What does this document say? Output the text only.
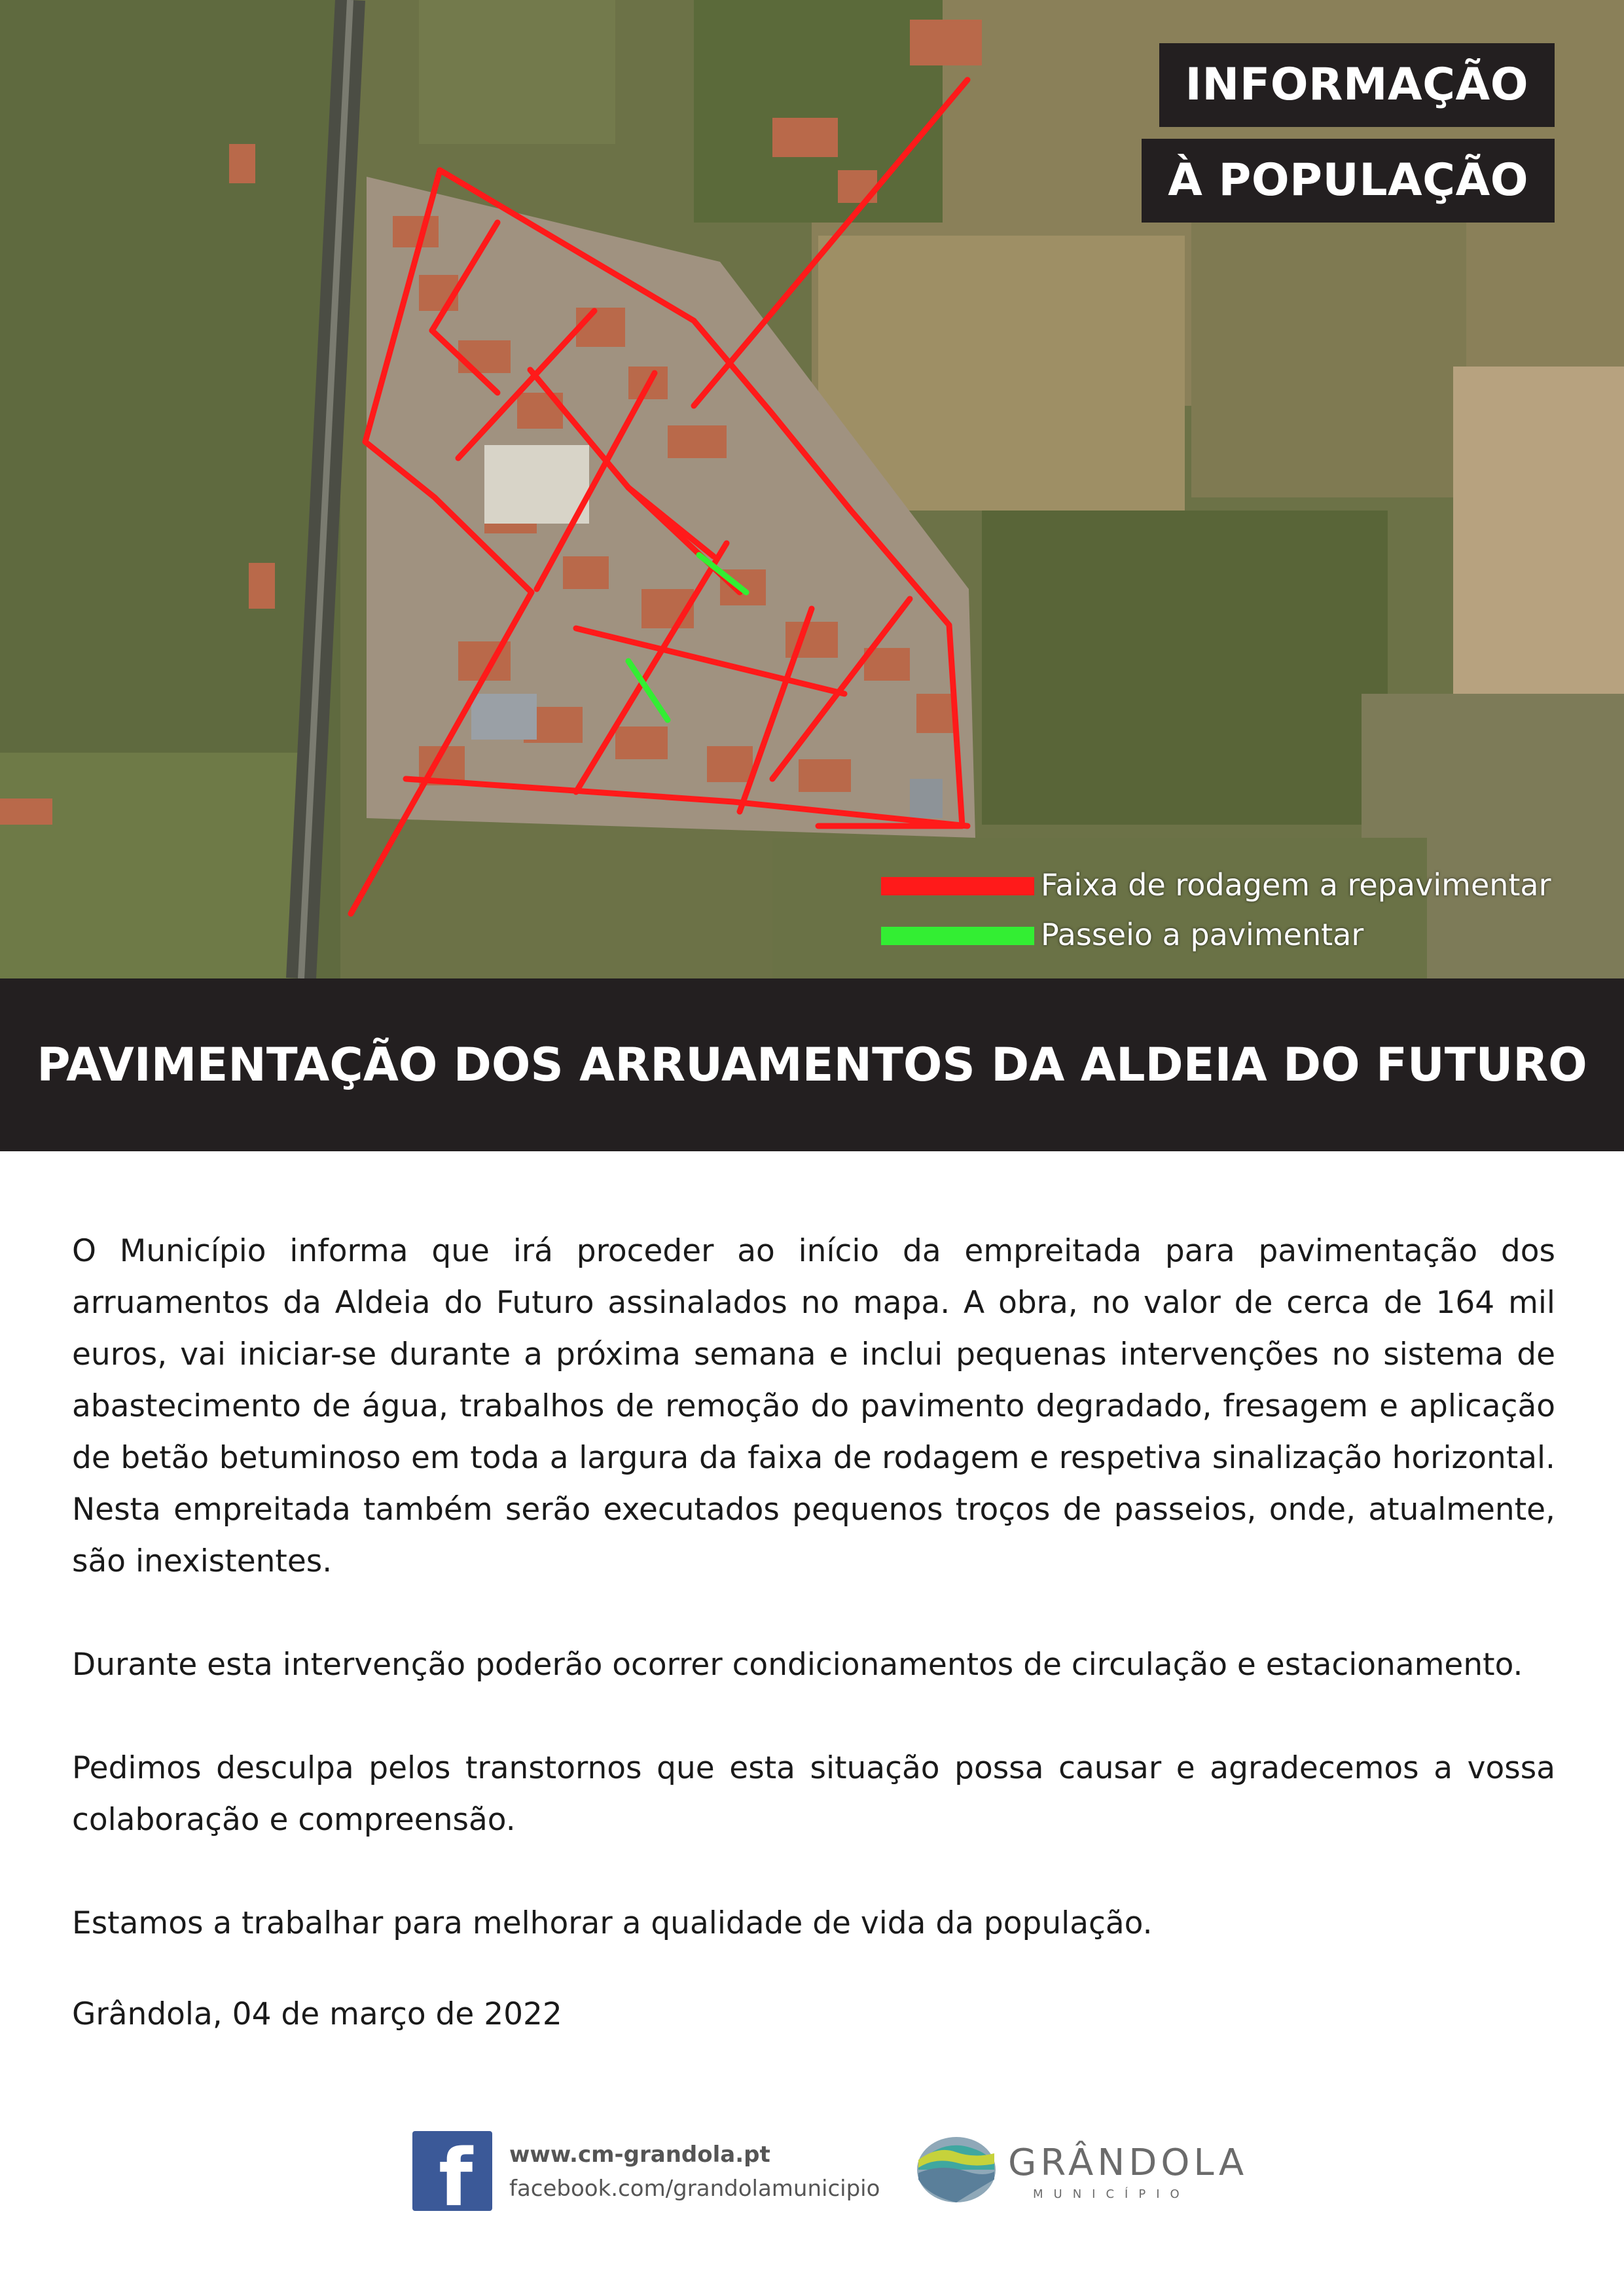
INFORMAÇÃO
À POPULAÇÃO
Faixa de rodagem a repavimentar
Passeio a pavimentar
PAVIMENTAÇÃO DOS ARRUAMENTOS DA ALDEIA DO FUTURO

O Município informa que irá proceder ao início da empreitada para pavimentação dos arruamentos da Aldeia do Futuro assinalados no mapa. A obra, no valor de cerca de 164 mil euros, vai iniciar-se durante a próxima semana e inclui pequenas intervenções no sistema de abastecimento de água, trabalhos de remoção do pavimento degradado, fresagem e aplicação de betão betuminoso em toda a largura da faixa de rodagem e respetiva sinalização horizontal. Nesta empreitada também serão executados pequenos troços de passeios, onde, atualmente, são inexistentes.

Durante esta intervenção poderão ocorrer condicionamentos de circulação e estacionamento.

Pedimos desculpa pelos transtornos que esta situação possa causar e agradecemos a vossa colaboração e compreensão.

Estamos a trabalhar para melhorar a qualidade de vida da população.

Grândola, 04 de março de 2022

f www.cm-grandola.pt
facebook.com/grandolamunicipio
GRÂNDOLA
MUNICÍPIO
